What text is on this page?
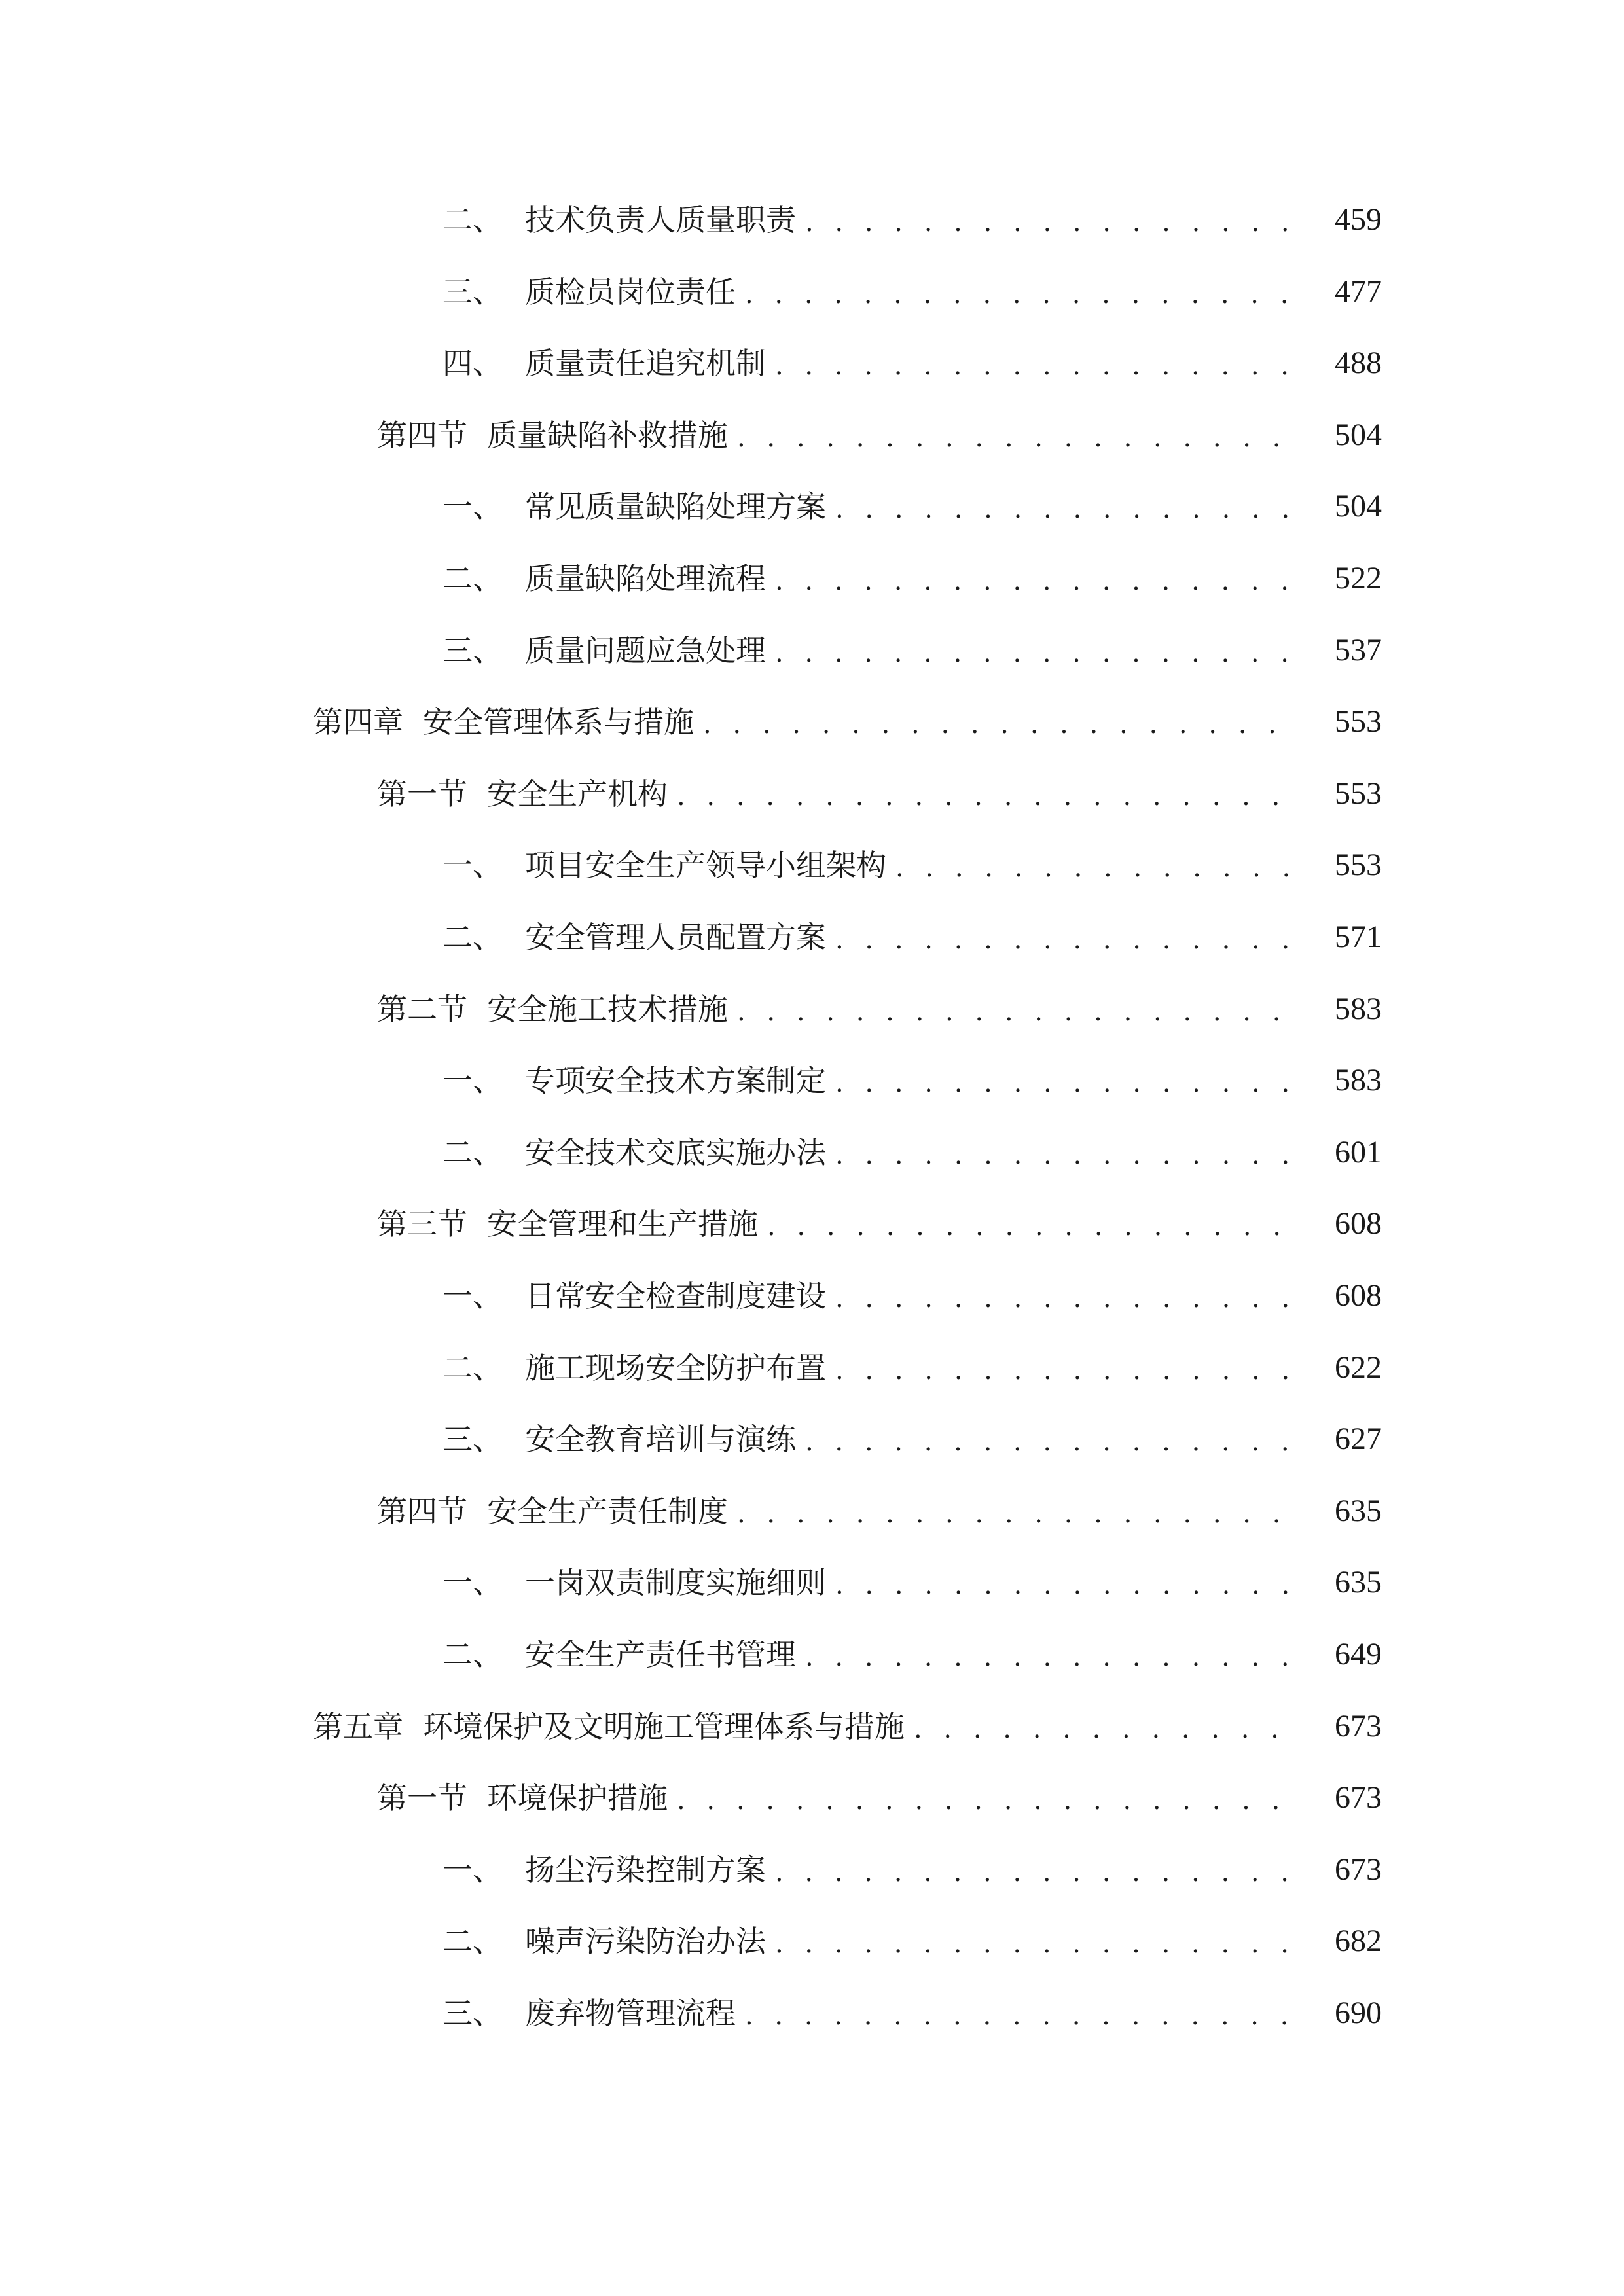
二、 技术负责人质量职责 . . .	459
三、 质检员岗位责任 . . .	477
四、 质量责任追究机制 . . .	488
第四节 质量缺陷补救措施 . . .	504
一、 常见质量缺陷处理方案 . . .	504
二、 质量缺陷处理流程 . . .	522
三、 质量问题应急处理 . . .	537
第四章 安全管理体系与措施 . . .	553
第一节 安全生产机构 . . .	553
一、 项目安全生产领导小组架构 . . .	553
二、 安全管理人员配置方案 . . .	571
第二节 安全施工技术措施 . . .	583
一、 专项安全技术方案制定 . . .	583
二、 安全技术交底实施办法 . . .	601
第三节 安全管理和生产措施 . . .	608
一、 日常安全检查制度建设 . . .	608
二、 施工现场安全防护布置 . . .	622
三、 安全教育培训与演练 . . .	627
第四节 安全生产责任制度 . . .	635
一、 一岗双责制度实施细则 . . .	635
二、 安全生产责任书管理 . . .	649
第五章 环境保护及文明施工管理体系与措施 . . .	673
第一节 环境保护措施 . . .	673
一、 扬尘污染控制方案 . . .	673
二、 噪声污染防治办法 . . .	682
三、 废弃物管理流程 . . .	690
